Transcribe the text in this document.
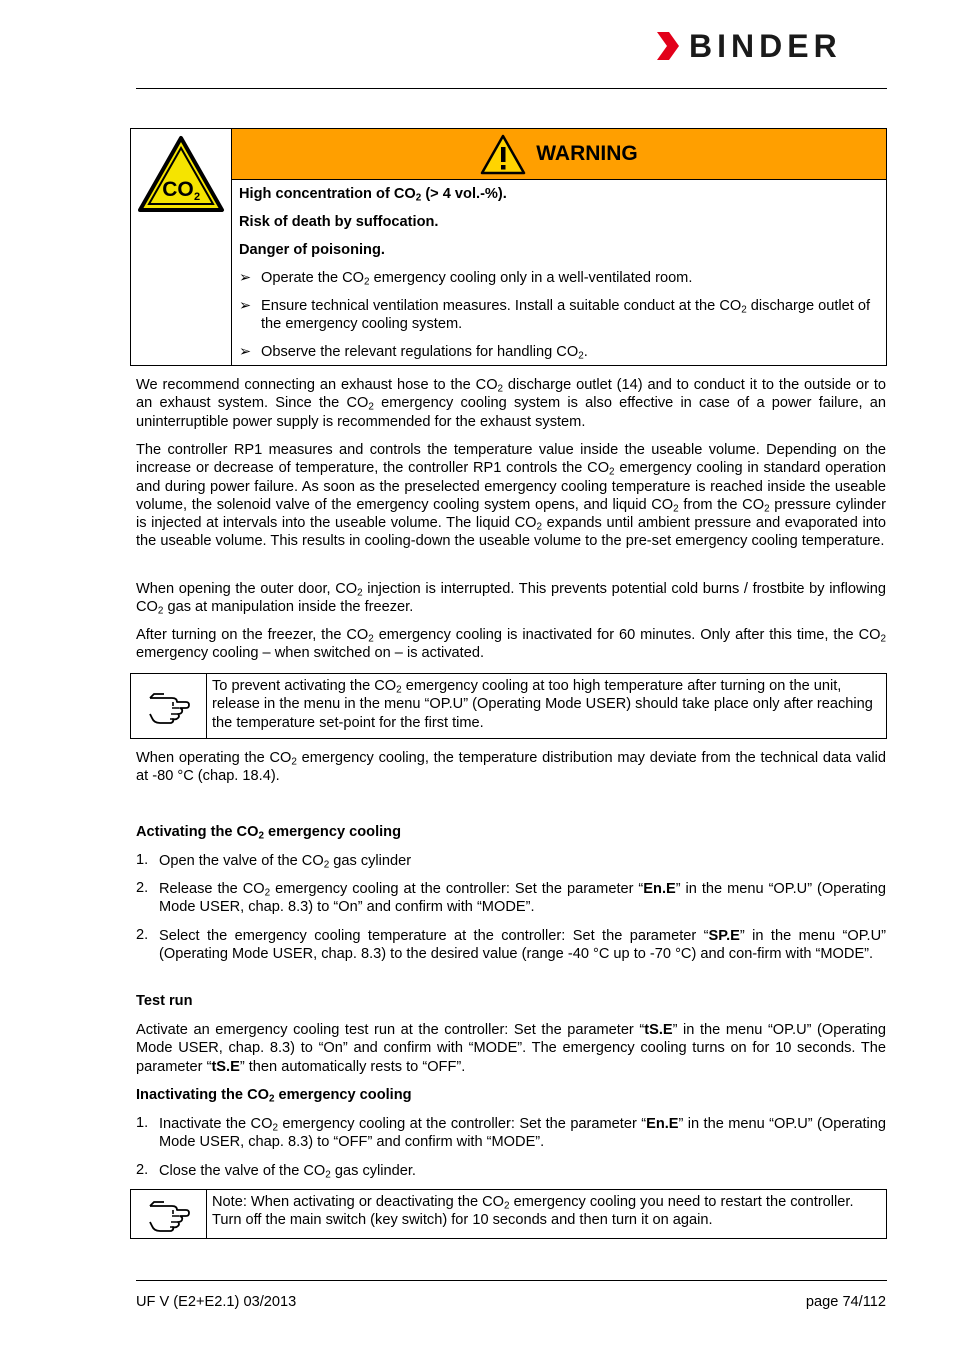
BINDER
CO 2

WARNING

High concentration of $CO_2$ (> 4 vol.-%).
Risk of death by suffocation.
Danger of poisoning.
➢ Operate the $CO_2$ emergency cooling only in a well-ventilated room.
➢ Ensure technical ventilation measures. Install a suitable conduct at the $CO_2$ discharge outlet of the emergency cooling system.
➢ Observe the relevant regulations for handling $CO_2$.

We recommend connecting an exhaust hose to the $CO_2$ discharge outlet (14) and to conduct it to the outside or to an exhaust system. Since the $CO_2$ emergency cooling system is also effective in case of a power failure, an uninterruptible power supply is recommended for the exhaust system.

The controller RP1 measures and controls the temperature value inside the useable volume. Depending on the increase or decrease of temperature, the controller RP1 controls the $CO_2$ emergency cooling in standard operation and during power failure. As soon as the preselected emergency cooling temperature is reached inside the useable volume, the solenoid valve of the emergency cooling system opens, and liquid $CO_2$ from the $CO_2$ pressure cylinder is injected at intervals into the useable volume. The liquid $CO_2$ expands until ambient pressure and evaporated into the useable volume. This results in cooling-down the useable volume to the pre-set emergency cooling temperature.

When opening the outer door, $CO_2$ injection is interrupted. This prevents potential cold burns / frostbite by inflowing $CO_2$ gas at manipulation inside the freezer.

After turning on the freezer, the $CO_2$ emergency cooling is inactivated for 60 minutes. Only after this time, the $CO_2$ emergency cooling – when switched on – is activated.

To prevent activating the $CO_2$ emergency cooling at too high temperature after turning on the unit, release in the menu in the menu “OP.U” (Operating Mode USER) should take place only after reaching the temperature set-point for the first time.

When operating the $CO_2$ emergency cooling, the temperature distribution may deviate from the technical data valid at -80 °C (chap. 18.4).

Activating the $CO_2$ emergency cooling

1. Open the valve of the $CO_2$ gas cylinder
2. Release the $CO_2$ emergency cooling at the controller: Set the parameter “En.E” in the menu “OP.U” (Operating Mode USER, chap. 8.3) to “On” and confirm with “MODE”.
2. Select the emergency cooling temperature at the controller: Set the parameter “SP.E” in the menu “OP.U” (Operating Mode USER, chap. 8.3) to the desired value (range -40 °C up to -70 °C) and con-firm with “MODE”.

Test run

Activate an emergency cooling test run at the controller: Set the parameter “tS.E” in the menu “OP.U” (Operating Mode USER, chap. 8.3) to “On” and confirm with “MODE”. The emergency cooling turns on for 10 seconds. The parameter “tS.E” then automatically rests to “OFF”.

Inactivating the $CO_2$ emergency cooling

1. Inactivate the $CO_2$ emergency cooling at the controller: Set the parameter “En.E” in the menu “OP.U” (Operating Mode USER, chap. 8.3) to “OFF” and confirm with “MODE”.
2. Close the valve of the $CO_2$ gas cylinder.
Note: When activating or deactivating the $CO_2$ emergency cooling you need to restart the controller. Turn off the main switch (key switch) for 10 seconds and then turn it on again.
UF V (E2+E2.1) 03/2013	page 74/112
